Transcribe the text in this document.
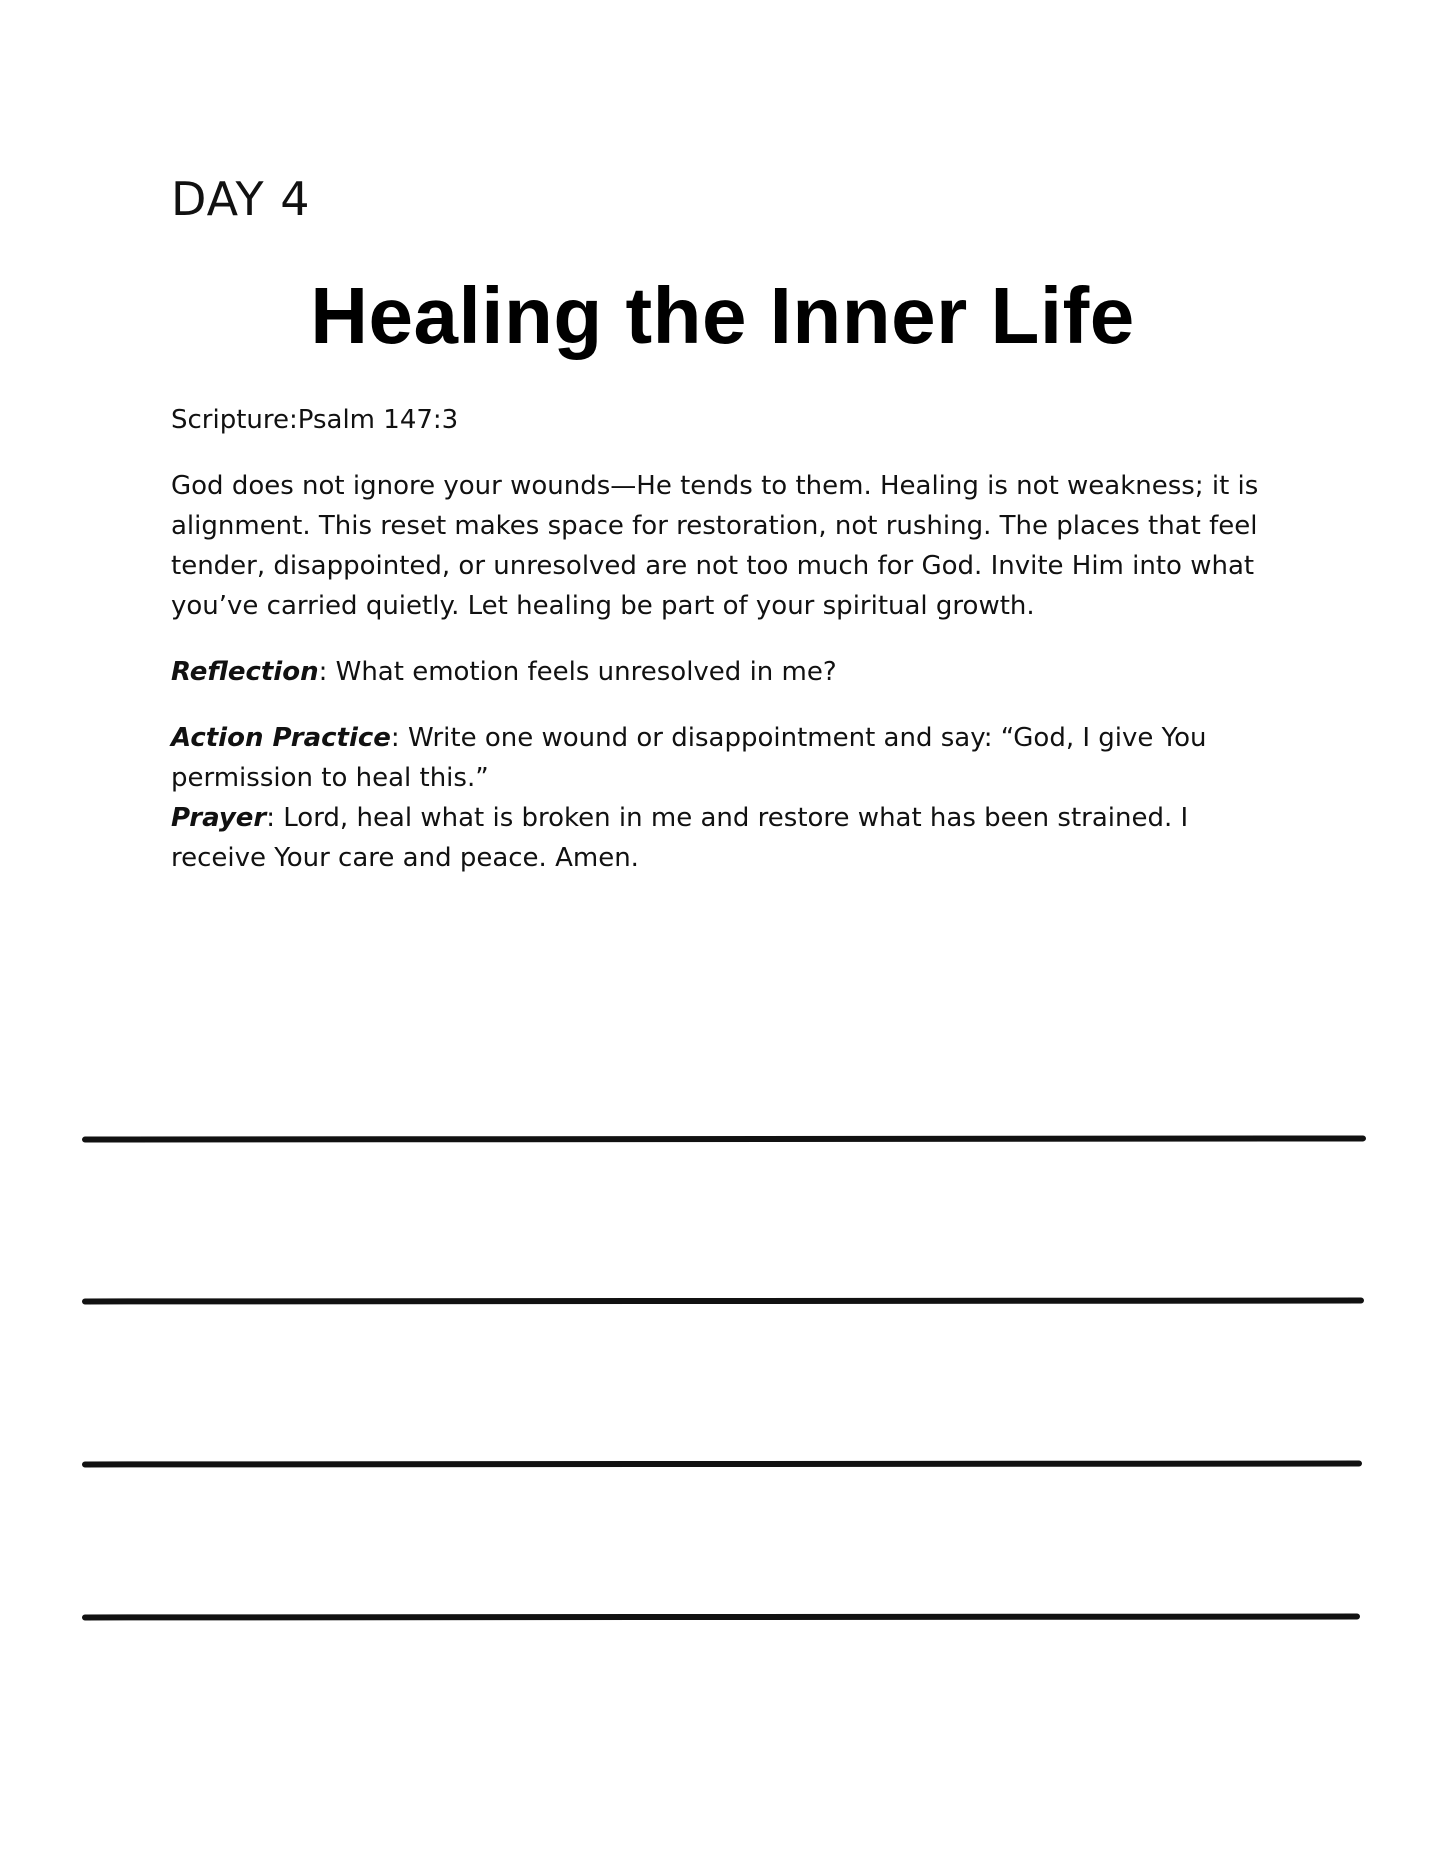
DAY 4
Healing the Inner Life

Scripture:Psalm 147:3

God does not ignore your wounds—He tends to them. Healing is not weakness; it is alignment. This reset makes space for restoration, not rushing. The places that feel tender, disappointed, or unresolved are not too much for God. Invite Him into what you’ve carried quietly. Let healing be part of your spiritual growth.

Reflection: What emotion feels unresolved in me?

Action Practice: Write one wound or disappointment and say: “God, I give You permission to heal this.”

Prayer: Lord, heal what is broken in me and restore what has been strained. I receive Your care and peace. Amen.
